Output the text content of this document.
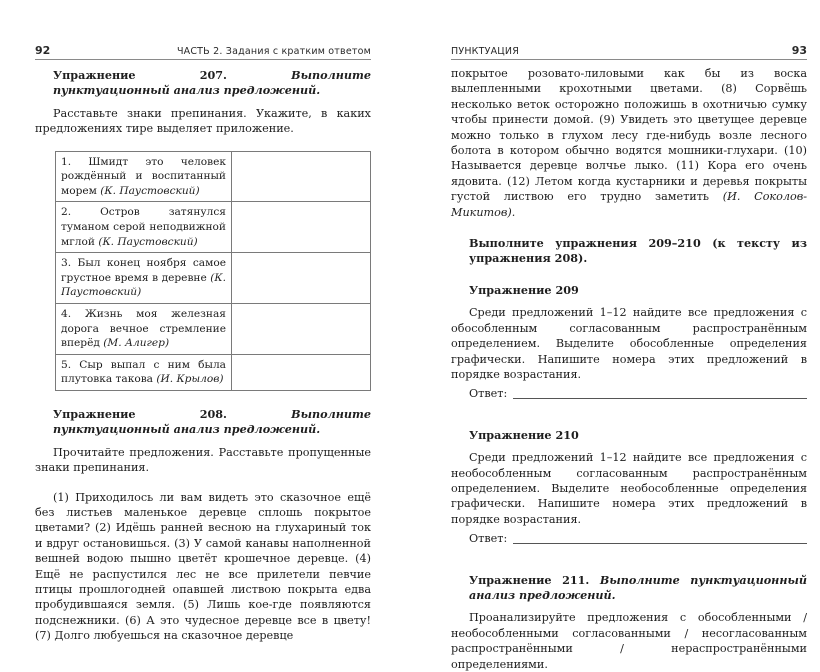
92	ЧАСТЬ 2. Задания с кратким ответом

Упражнение 207.	Выполните пунктуационный анализ предложений.

Расставьте знаки препинания. Укажите, в каких предложениях тире выделяет приложение.

1. Шмидт это человек рождённый и воспитанный морем (К. Паустовский)	
2. Остров затянулся туманом серой неподвижной мглой (К. Паустовский)	
3. Был конец ноября самое грустное время в деревне (К. Паустовский)	
4. Жизнь моя железная дорога вечное стремление вперёд (М. Алигер)	
5. Сыр выпал с ним была плутовка такова (И. Крылов)	

Упражнение 208.	Выполните пунктуационный анализ предложений.

Прочитайте предложения. Расставьте пропущенные знаки препинания.

(1) Приходилось ли вам видеть это сказочное ещё без листьев маленькое деревце сплошь покрытое цветами? (2) Идёшь ранней весною на глухариный ток и вдруг остановишься. (3) У самой канавы наполненной вешней водою пышно цветёт крошечное деревце. (4) Ещё не распустился лес не все прилетели певчие птицы прошлогодней опавшей листвою покрыта едва пробудившаяся земля. (5) Лишь кое-где появляются подснежники. (6) А это чудесное деревце все в цвету! (7) Долго любуешься на сказочное деревце

ПУНКТУАЦИЯ	93

покрытое розовато-лиловыми как бы из воска вылепленными крохотными цветами. (8) Сорвёшь несколько веток осторожно положишь в охотничью сумку чтобы принести домой. (9) Увидеть это цветущее деревце можно только в глухом лесу где-нибудь возле лесного болота в котором обычно водятся мошники-глухари. (10) Называется деревце волчье лыко. (11) Кора его очень ядовита. (12) Летом когда кустарники и деревья покрыты густой листвою его трудно заметить (И. Соколов-Микитов).

Выполните упражнения 209–210 (к тексту из упражнения 208).

Упражнение 209

Среди предложений 1–12 найдите все предложения с обособленным согласованным распространённым определением. Выделите обособленные определения графически. Напишите номера этих предложений в порядке возрастания.

Ответ:

Упражнение 210

Среди предложений 1–12 найдите все предложения с необособленным согласованным распространённым определением. Выделите необособленные определения графически. Напишите номера этих предложений в порядке возрастания.

Ответ:

Упражнение 211. Выполните пунктуационный анализ предложений.

Проанализируйте предложения с обособленными / необособленными согласованными / несогласованным распространёнными / нераспространёнными определениями.
